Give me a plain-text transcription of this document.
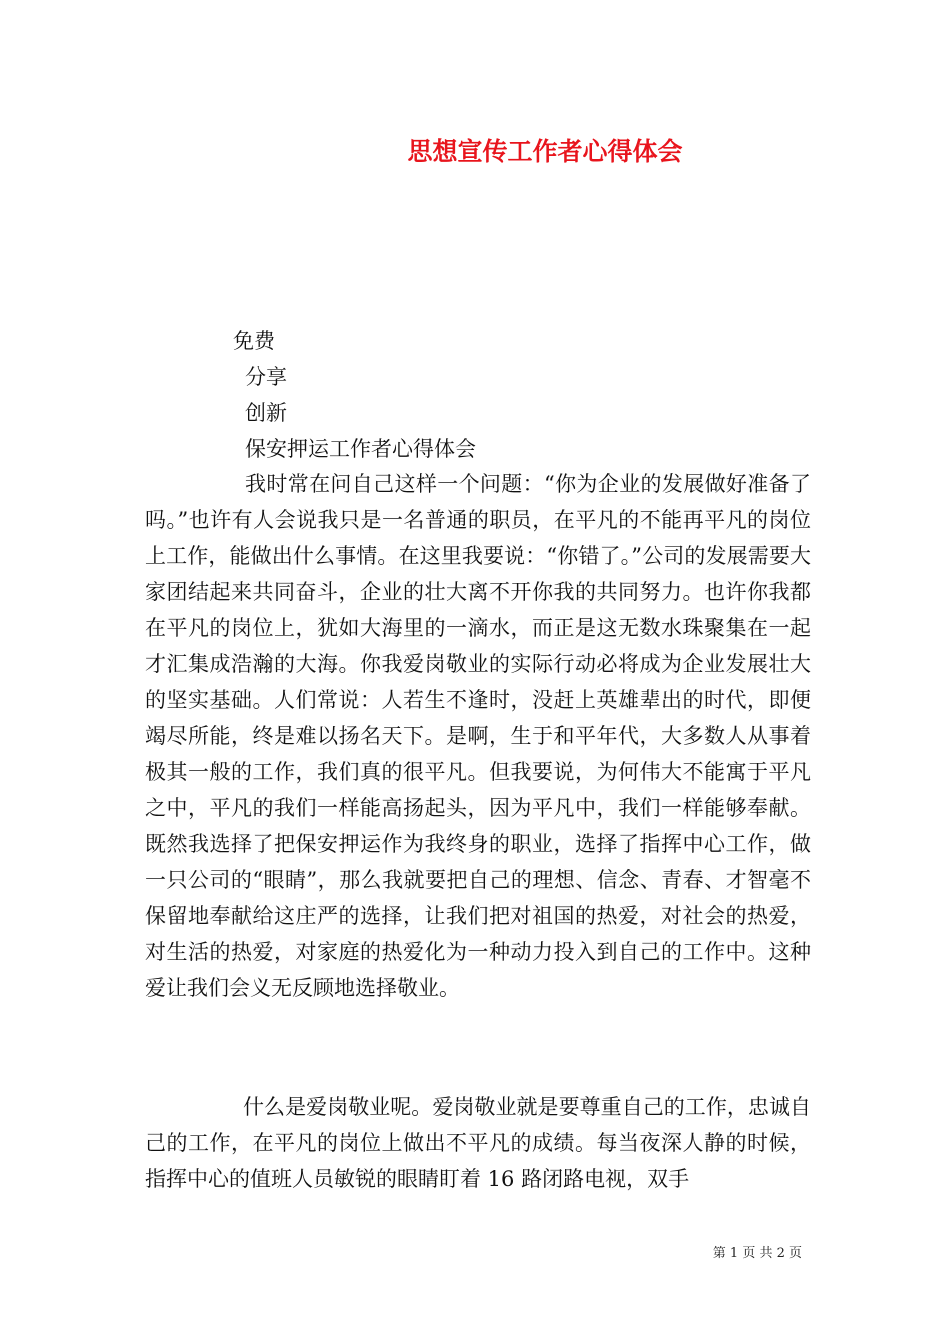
思想宣传工作者心得体会

免费

分享

创新

保安押运工作者心得体会

我时常在问自己这样一个问题：“你为企业的发展做好准备了吗。”也许有人会说我只是一名普通的职员，在平凡的不能再平凡的岗位上工作，能做出什么事情。在这里我要说：“你错了。”公司的发展需要大家团结起来共同奋斗，企业的壮大离不开你我的共同努力。也许你我都在平凡的岗位上，犹如大海里的一滴水，而正是这无数水珠聚集在一起才汇集成浩瀚的大海。你我爱岗敬业的实际行动必将成为企业发展壮大的坚实基础。人们常说：人若生不逢时，没赶上英雄辈出的时代，即便竭尽所能，终是难以扬名天下。是啊，生于和平年代，大多数人从事着极其一般的工作，我们真的很平凡。但我要说，为何伟大不能寓于平凡之中，平凡的我们一样能高扬起头，因为平凡中，我们一样能够奉献。既然我选择了把保安押运作为我终身的职业，选择了指挥中心工作，做一只公司的“眼睛”，那么我就要把自己的理想、信念、青春、才智毫不保留地奉献给这庄严的选择，让我们把对祖国的热爱，对社会的热爱，对生活的热爱，对家庭的热爱化为一种动力投入到自己的工作中。这种爱让我们会义无反顾地选择敬业。

什么是爱岗敬业呢。爱岗敬业就是要尊重自己的工作，忠诚自己的工作，在平凡的岗位上做出不平凡的成绩。每当夜深人静的时候，指挥中心的值班人员敏锐的眼睛盯着 16 路闭路电视，双手

第 1 页 共 2 页
